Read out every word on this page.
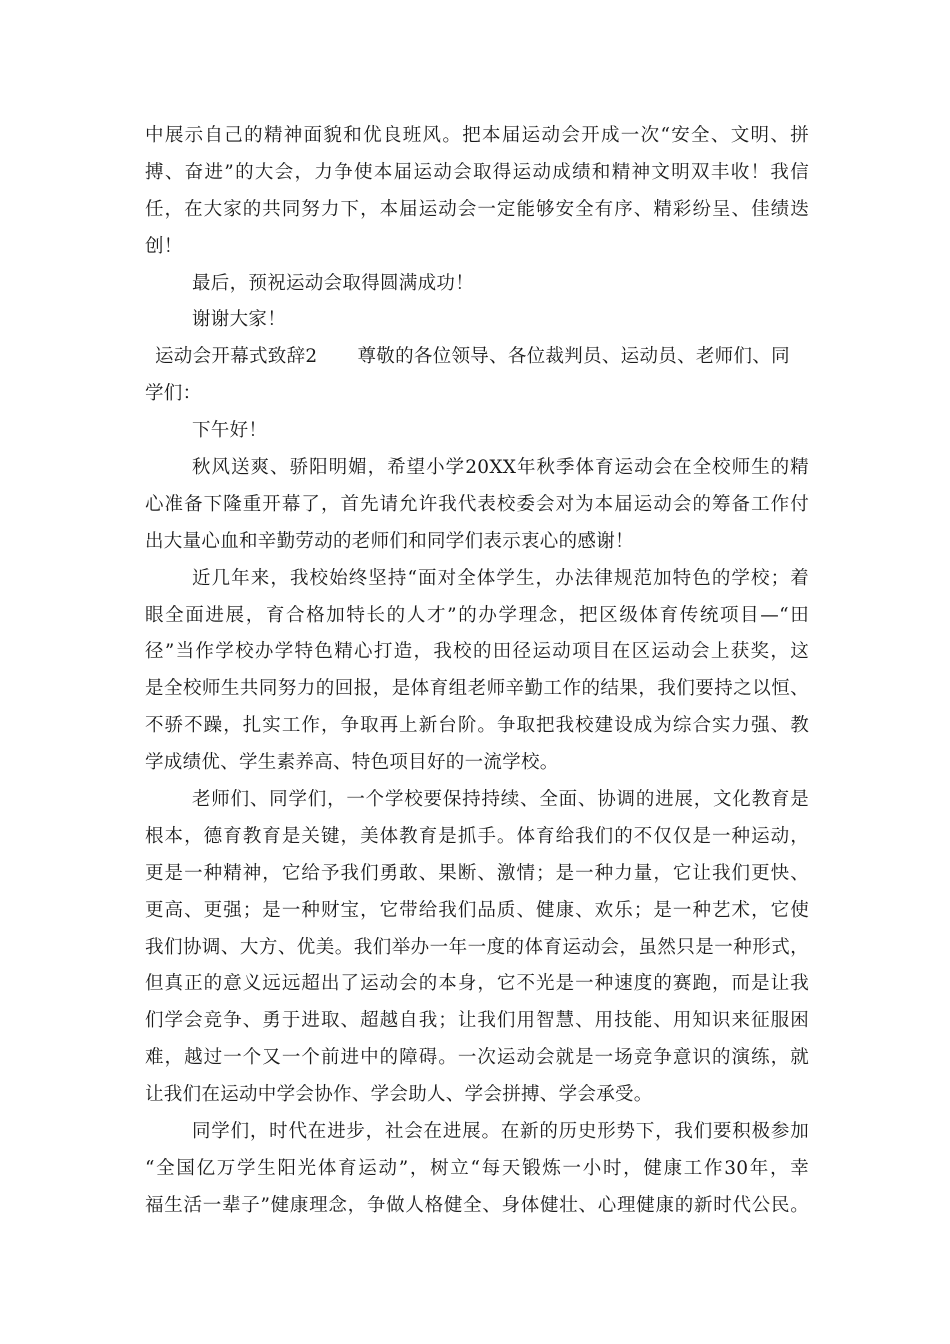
中展示自己的精神面貌和优良班风。把本届运动会开成一次“安全、文明、拼
搏、奋进”的大会，力争使本届运动会取得运动成绩和精神文明双丰收！我信
任，在大家的共同努力下，本届运动会一定能够安全有序、精彩纷呈、佳绩迭
创！
最后，预祝运动会取得圆满成功！
谢谢大家！
运动会开幕式致辞2 尊敬的各位领导、各位裁判员、运动员、老师们、同
学们：
下午好！
秋风送爽、骄阳明媚，希望小学20XX年秋季体育运动会在全校师生的精
心准备下隆重开幕了，首先请允许我代表校委会对为本届运动会的筹备工作付
出大量心血和辛勤劳动的老师们和同学们表示衷心的感谢！
近几年来，我校始终坚持“面对全体学生，办法律规范加特色的学校；着
眼全面进展，育合格加特长的人才”的办学理念，把区级体育传统项目—“田
径”当作学校办学特色精心打造，我校的田径运动项目在区运动会上获奖，这
是全校师生共同努力的回报，是体育组老师辛勤工作的结果，我们要持之以恒、
不骄不躁，扎实工作，争取再上新台阶。争取把我校建设成为综合实力强、教
学成绩优、学生素养高、特色项目好的一流学校。
老师们、同学们，一个学校要保持持续、全面、协调的进展，文化教育是
根本，德育教育是关键，美体教育是抓手。体育给我们的不仅仅是一种运动，
更是一种精神，它给予我们勇敢、果断、激情；是一种力量，它让我们更快、
更高、更强；是一种财宝，它带给我们品质、健康、欢乐；是一种艺术，它使
我们协调、大方、优美。我们举办一年一度的体育运动会，虽然只是一种形式，
但真正的意义远远超出了运动会的本身，它不光是一种速度的赛跑，而是让我
们学会竞争、勇于进取、超越自我；让我们用智慧、用技能、用知识来征服困
难，越过一个又一个前进中的障碍。一次运动会就是一场竞争意识的演练，就
让我们在运动中学会协作、学会助人、学会拼搏、学会承受。
同学们，时代在进步，社会在进展。在新的历史形势下，我们要积极参加
“全国亿万学生阳光体育运动”，树立“每天锻炼一小时，健康工作30年，幸
福生活一辈子”健康理念，争做人格健全、身体健壮、心理健康的新时代公民。
